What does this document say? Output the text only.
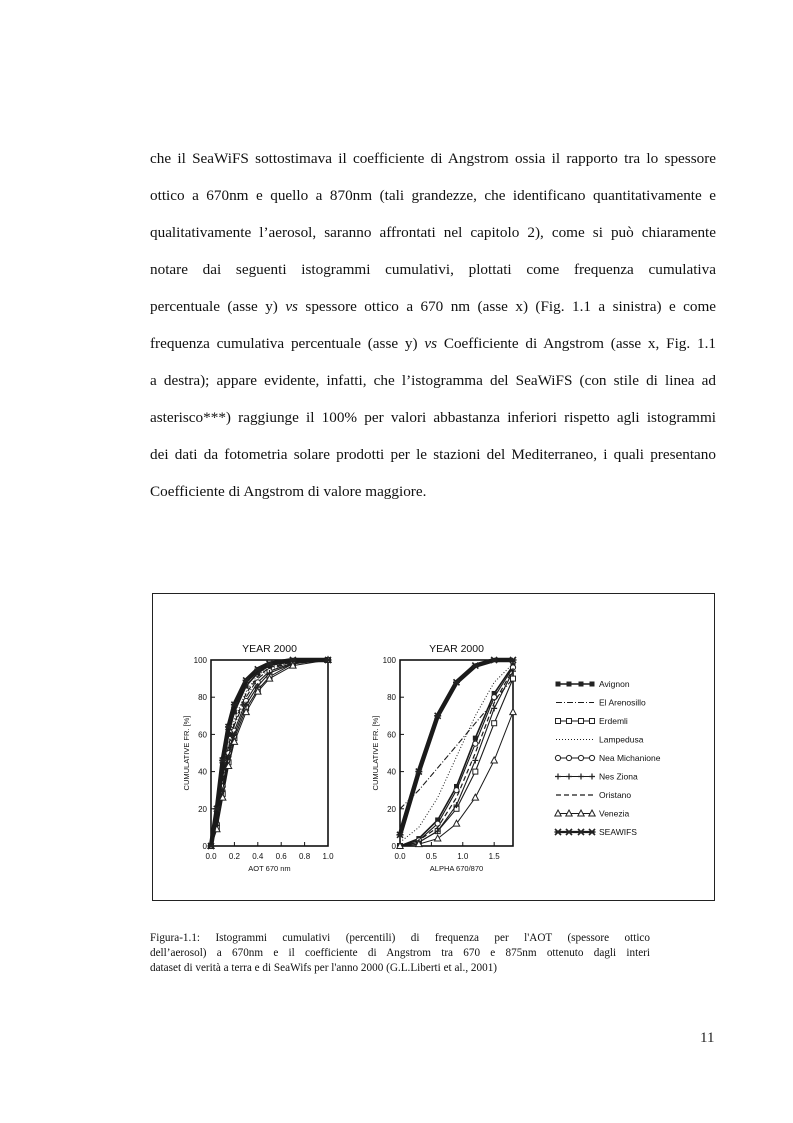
che il SeaWiFS sottostimava il coefficiente di Angstrom ossia il rapporto tra lo spessore
ottico a 670nm e quello a 870nm (tali grandezze, che identificano quantitativamente e
qualitativamente l’aerosol, saranno affrontati nel capitolo 2), come si può chiaramente
notare dai seguenti istogrammi cumulativi, plottati come frequenza cumulativa
percentuale (asse y) vs spessore ottico a 670 nm (asse x) (Fig. 1.1 a sinistra) e come
frequenza cumulativa percentuale (asse y) vs Coefficiente di Angstrom (asse x, Fig. 1.1
a destra); appare evidente, infatti, che l’istogramma del SeaWiFS (con stile di linea ad
asterisco***) raggiunge il 100% per valori abbastanza inferiori rispetto agli istogrammi
dei dati da fotometria solare prodotti per le stazioni del Mediterraneo, i quali presentano
Coefficiente di Angstrom di valore maggiore.
YEAR 2000
0
20
40
60
80
100
0.0 0.2 0.4 0.6 0.8 1.0
AOT 670 nm
CUMULATIVE FR. [%]
YEAR 2000
0
20
40
60
80
100
0.0	0.5	1.0	1.5
ALPHA 670/870
CUMULATIVE FR. [%]
Avignon
El Arenosillo
Erdemli
Lampedusa
Nea Michanione
Nes Ziona
Oristano
Venezia
SEAWIFS
Figura-1.1: Istogrammi cumulativi (percentili) di frequenza per l'AOT (spessore ottico
dell’aerosol) a 670nm e il coefficiente di Angstrom tra 670 e 875nm ottenuto dagli interi
dataset di verità a terra e di SeaWifs per l'anno 2000 (G.L.Liberti et al., 2001)
11
